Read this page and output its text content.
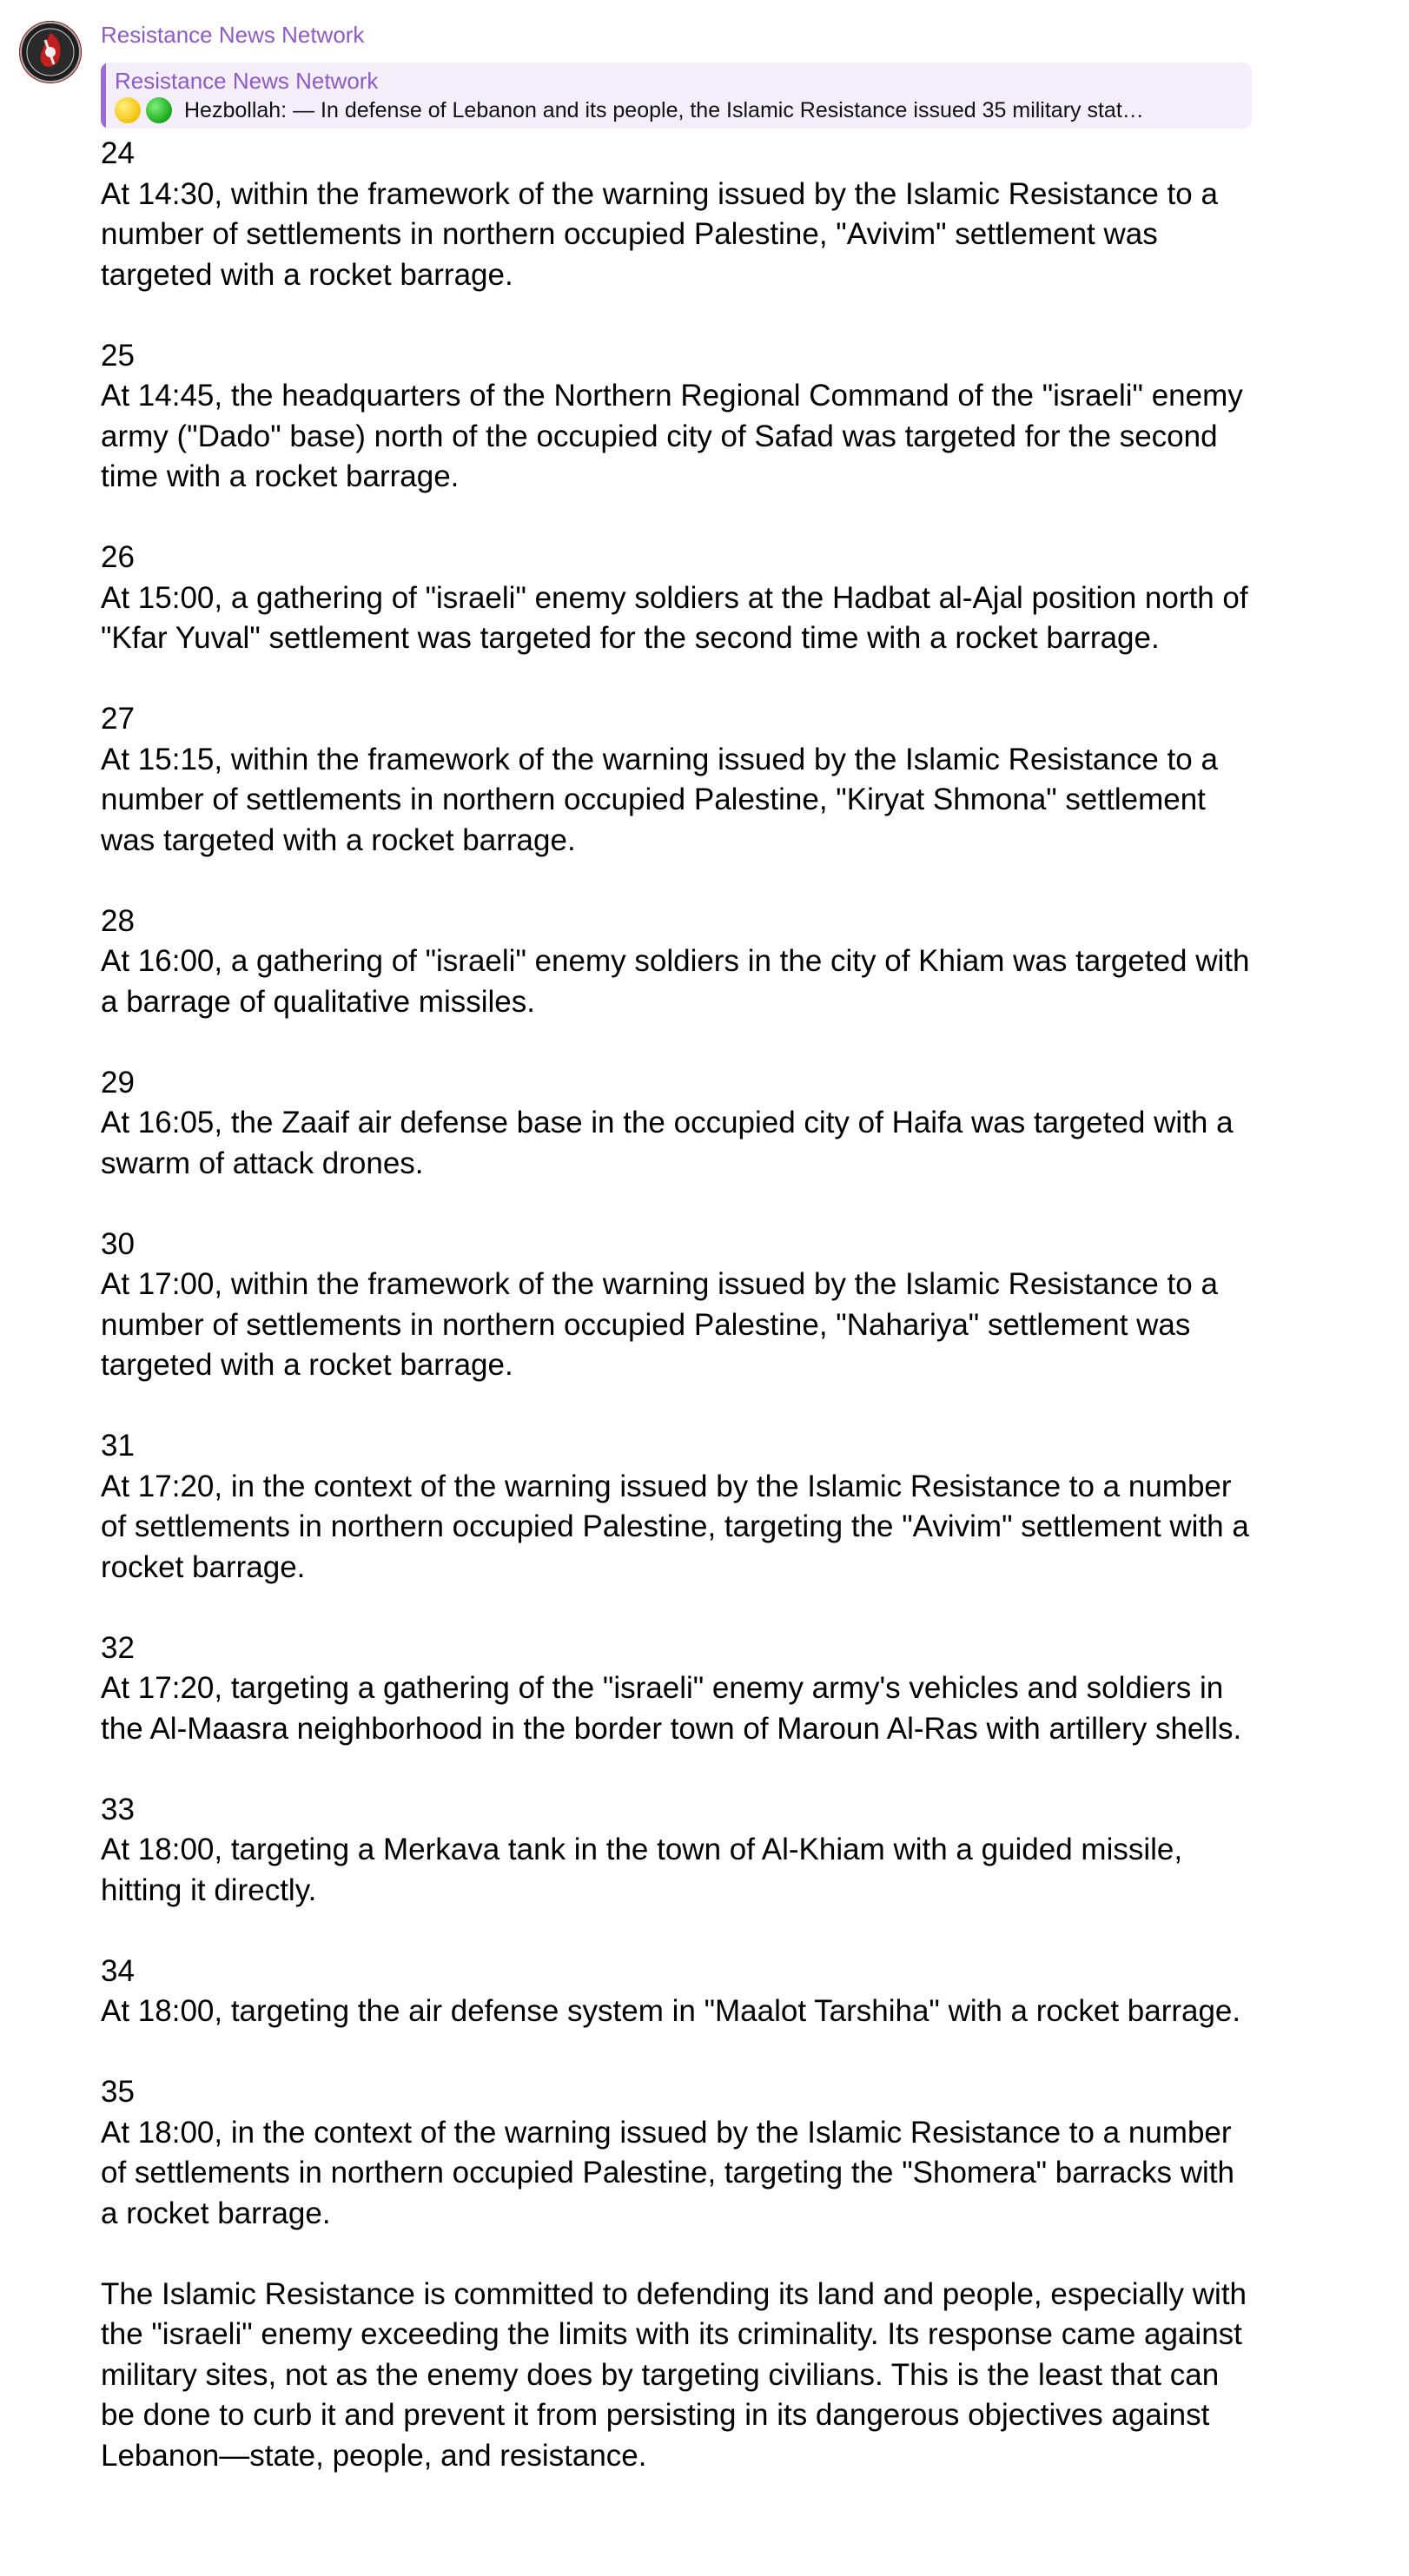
Resistance News Network
Resistance News Network
Hezbollah: — In defense of Lebanon and its people, the Islamic Resistance issued 35 military stat…
24
At 14:30, within the framework of the warning issued by the Islamic Resistance to a number of settlements in northern occupied Palestine, "Avivim" settlement was targeted with a rocket barrage.
25
At 14:45, the headquarters of the Northern Regional Command of the "israeli" enemy army ("Dado" base) north of the occupied city of Safad was targeted for the second time with a rocket barrage.
26
At 15:00, a gathering of "israeli" enemy soldiers at the Hadbat al-Ajal position north of "Kfar Yuval" settlement was targeted for the second time with a rocket barrage.
27
At 15:15, within the framework of the warning issued by the Islamic Resistance to a number of settlements in northern occupied Palestine, "Kiryat Shmona" settlement was targeted with a rocket barrage.
28
At 16:00, a gathering of "israeli" enemy soldiers in the city of Khiam was targeted with a barrage of qualitative missiles.
29
At 16:05, the Zaaif air defense base in the occupied city of Haifa was targeted with a swarm of attack drones.
30
At 17:00, within the framework of the warning issued by the Islamic Resistance to a number of settlements in northern occupied Palestine, "Nahariya" settlement was targeted with a rocket barrage.
31
At 17:20, in the context of the warning issued by the Islamic Resistance to a number of settlements in northern occupied Palestine, targeting the "Avivim" settlement with a rocket barrage.
32
At 17:20, targeting a gathering of the "israeli" enemy army's vehicles and soldiers in the Al-Maasra neighborhood in the border town of Maroun Al-Ras with artillery shells.
33
At 18:00, targeting a Merkava tank in the town of Al-Khiam with a guided missile, hitting it directly.
34
At 18:00, targeting the air defense system in "Maalot Tarshiha" with a rocket barrage.
35
At 18:00, in the context of the warning issued by the Islamic Resistance to a number of settlements in northern occupied Palestine, targeting the "Shomera" barracks with a rocket barrage.
The Islamic Resistance is committed to defending its land and people, especially with the "israeli" enemy exceeding the limits with its criminality. Its response came against military sites, not as the enemy does by targeting civilians. This is the least that can be done to curb it and prevent it from persisting in its dangerous objectives against Lebanon—state, people, and resistance.
